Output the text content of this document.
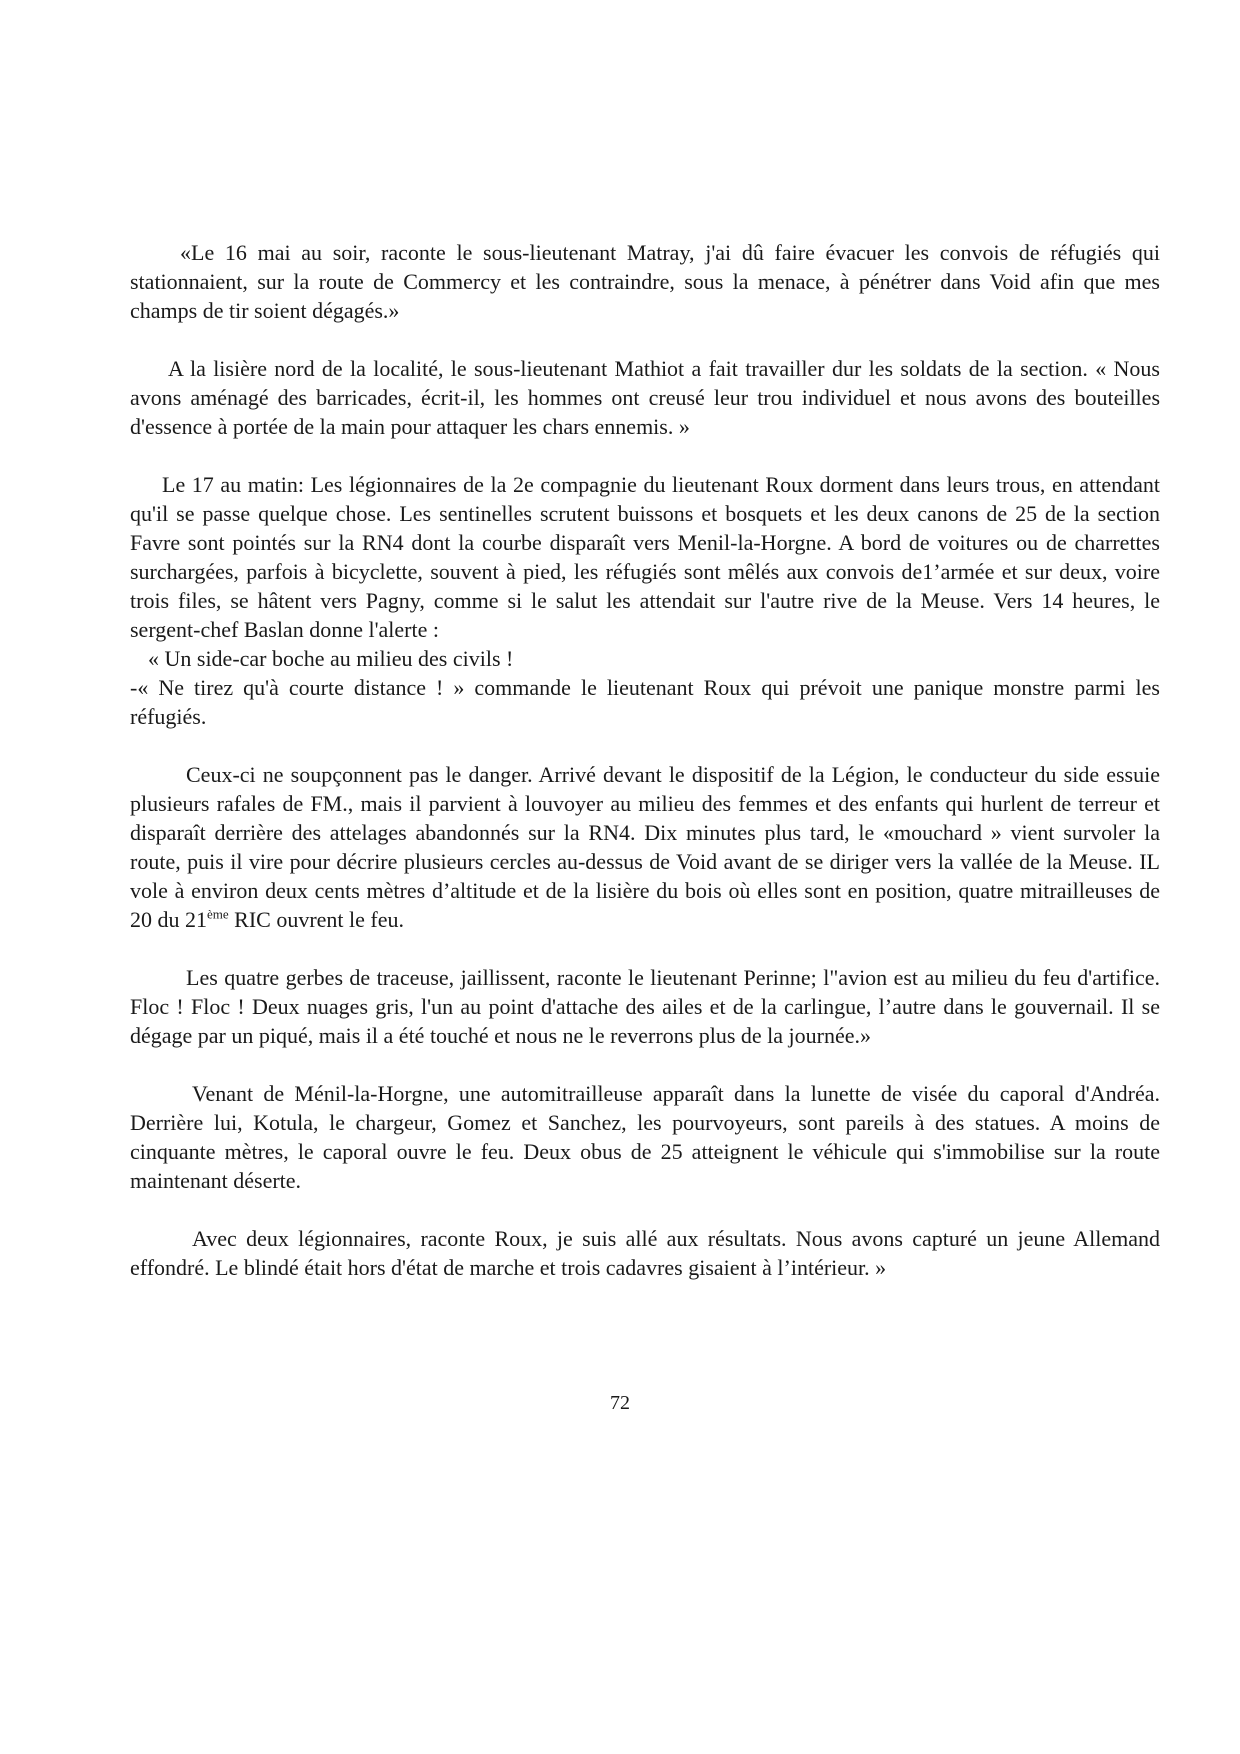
«Le 16 mai au soir, raconte le sous-lieutenant Matray, j'ai dû faire évacuer les convois de réfugiés qui stationnaient, sur la route de Commercy et les contraindre, sous la menace, à pénétrer dans Void afin que mes champs de tir soient dégagés.»

A la lisière nord de la localité, le sous-lieutenant Mathiot a fait travailler dur les soldats de la section. « Nous avons aménagé des barricades, écrit-il, les hommes ont creusé leur trou individuel et nous avons des bouteilles d'essence à portée de la main pour attaquer les chars ennemis. »

Le 17 au matin: Les légionnaires de la 2e compagnie du lieutenant Roux dorment dans leurs trous, en attendant qu'il se passe quelque chose. Les sentinelles scrutent buissons et bosquets et les deux canons de 25 de la section Favre sont pointés sur la RN4 dont la courbe disparaît vers Menil-la-Horgne. A bord de voitures ou de charrettes surchargées, parfois à bicyclette, souvent à pied, les réfugiés sont mêlés aux convois de1’armée et sur deux, voire trois files, se hâtent vers Pagny, comme si le salut les attendait sur l'autre rive de la Meuse. Vers 14 heures, le sergent-chef Baslan donne l'alerte :

« Un side-car boche au milieu des civils !

-« Ne tirez qu'à courte distance ! » commande le lieutenant Roux qui prévoit une panique monstre parmi les réfugiés.

Ceux-ci ne soupçonnent pas le danger. Arrivé devant le dispositif de la Légion, le conducteur du side essuie plusieurs rafales de FM., mais il parvient à louvoyer au milieu des femmes et des enfants qui hurlent de terreur et disparaît derrière des attelages abandonnés sur la RN4. Dix minutes plus tard, le «mouchard » vient survoler la route, puis il vire pour décrire plusieurs cercles au-dessus de Void avant de se diriger vers la vallée de la Meuse. IL vole à environ deux cents mètres d’altitude et de la lisière du bois où elles sont en position, quatre mitrailleuses de 20 du 21ème RIC ouvrent le feu.

Les quatre gerbes de traceuse, jaillissent, raconte le lieutenant Perinne; l"avion est au milieu du feu d'artifice. Floc ! Floc ! Deux nuages gris, l'un au point d'attache des ailes et de la carlingue, l’autre dans le gouvernail. Il se dégage par un piqué, mais il a été touché et nous ne le reverrons plus de la journée.»

Venant de Ménil-la-Horgne, une automitrailleuse apparaît dans la lunette de visée du caporal d'Andréa. Derrière lui, Kotula, le chargeur, Gomez et Sanchez, les pourvoyeurs, sont pareils à des statues. A moins de cinquante mètres, le caporal ouvre le feu. Deux obus de 25 atteignent le véhicule qui s'immobilise sur la route maintenant déserte.

Avec deux légionnaires, raconte Roux, je suis allé aux résultats. Nous avons capturé un jeune Allemand effondré. Le blindé était hors d'état de marche et trois cadavres gisaient à l’intérieur. »

72
